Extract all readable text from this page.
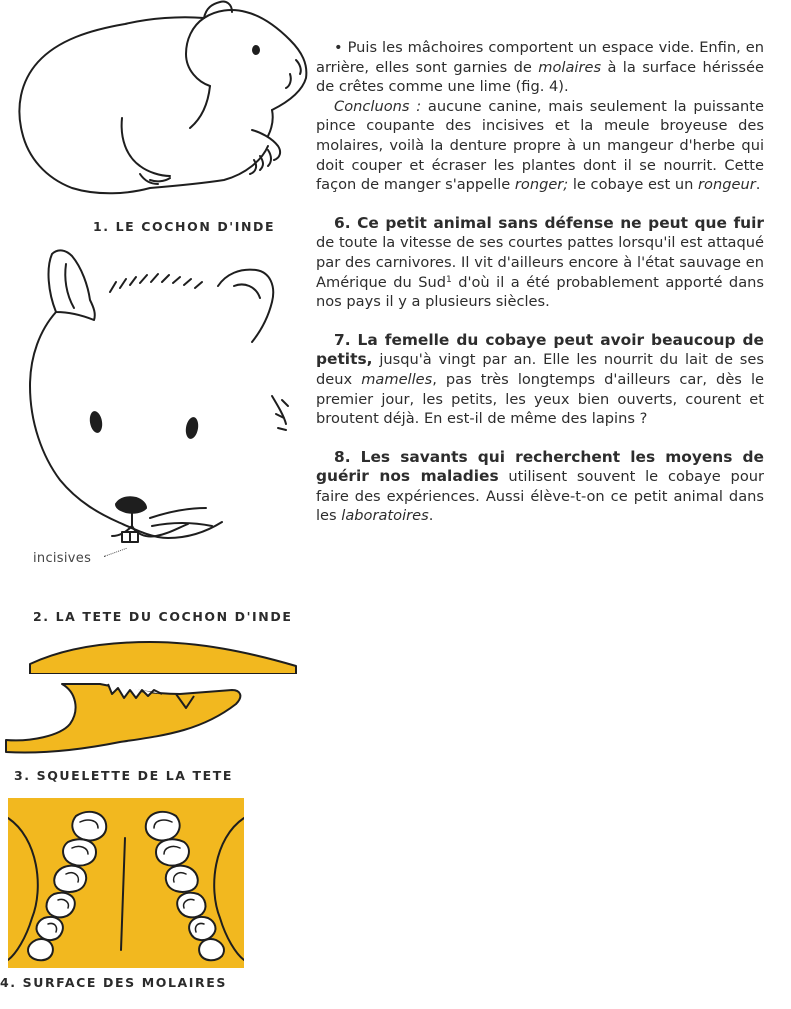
1. LE COCHON D'INDE
incisives
2. LA TETE DU COCHON D'INDE
3. SQUELETTE DE LA TETE
4. SURFACE DES MOLAIRES

• Puis les mâchoires comportent un espace vide. Enfin, en arrière, elles sont garnies de molaires à la surface hérissée de crêtes comme une lime (fig. 4).

Concluons : aucune canine, mais seulement la puissante pince coupante des incisives et la meule broyeuse des molaires, voilà la denture propre à un mangeur d'herbe qui doit couper et écraser les plantes dont il se nourrit. Cette façon de manger s'appelle ronger; le cobaye est un rongeur.

6. Ce petit animal sans défense ne peut que fuir de toute la vitesse de ses courtes pattes lorsqu'il est attaqué par des carnivores. Il vit d'ailleurs encore à l'état sauvage en Amérique du Sud$^1$ d'où il a été probablement apporté dans nos pays il y a plusieurs siècles.

7. La femelle du cobaye peut avoir beaucoup de petits, jusqu'à vingt par an. Elle les nourrit du lait de ses deux mamelles, pas très longtemps d'ailleurs car, dès le premier jour, les petits, les yeux bien ouverts, courent et broutent déjà. En est-il de même des lapins ?

8. Les savants qui recherchent les moyens de guérir nos maladies utilisent souvent le cobaye pour faire des expériences. Aussi élève-t-on ce petit animal dans les laboratoires.
